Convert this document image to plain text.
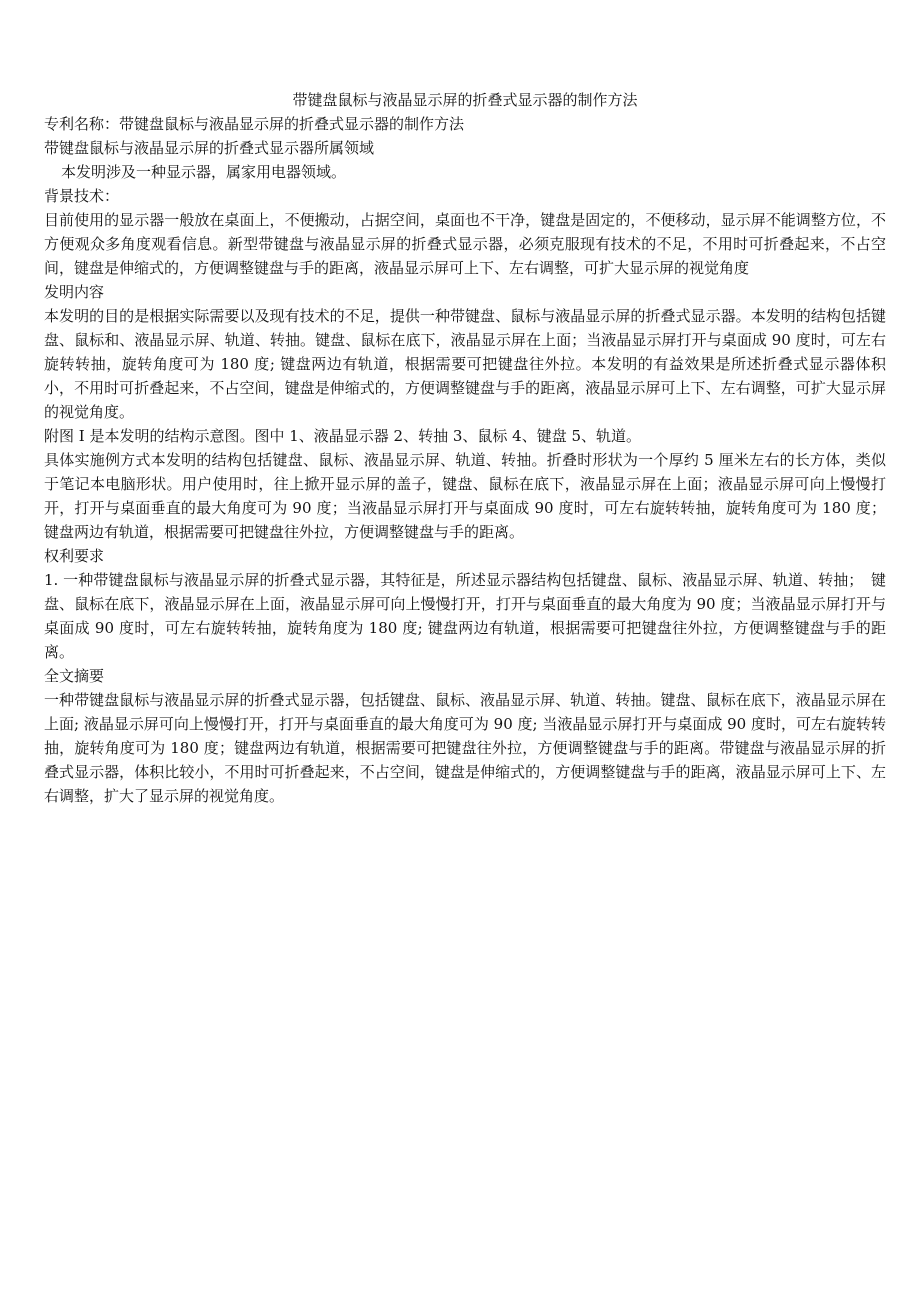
带键盘鼠标与液晶显示屏的折叠式显示器的制作方法

专利名称：带键盘鼠标与液晶显示屏的折叠式显示器的制作方法

带键盘鼠标与液晶显示屏的折叠式显示器所属领域

本发明涉及一种显示器，属家用电器领域。

背景技术：

目前使用的显示器一般放在桌面上，不便搬动，占据空间，桌面也不干净，键盘是固定的，不便移动，显示屏不能调整方位，不方便观众多角度观看信息。新型带键盘与液晶显示屏的折叠式显示器，必须克服现有技术的不足，不用时可折叠起来，不占空间，键盘是伸缩式的，方便调整键盘与手的距离，液晶显示屏可上下、左右调整，可扩大显示屏的视觉角度

发明内容

本发明的目的是根据实际需要以及现有技术的不足，提供一种带键盘、鼠标与液晶显示屏的折叠式显示器。本发明的结构包括键盘、鼠标和、液晶显示屏、轨道、转抽。键盘、鼠标在底下，液晶显示屏在上面；当液晶显示屏打开与桌面成 90 度时，可左右旋转转抽，旋转角度可为 180 度; 键盘两边有轨道，根据需要可把键盘往外拉。本发明的有益效果是所述折叠式显示器体积小，不用时可折叠起来，不占空间，键盘是伸缩式的，方便调整键盘与手的距离，液晶显示屏可上下、左右调整，可扩大显示屏的视觉角度。

附图 I 是本发明的结构示意图。图中 1、液晶显示器 2、转抽 3、鼠标 4、键盘 5、轨道。

具体实施例方式本发明的结构包括键盘、鼠标、液晶显示屏、轨道、转抽。折叠时形状为一个厚约 5 厘米左右的长方体，类似于笔记本电脑形状。用户使用时，往上掀开显示屏的盖子，键盘、鼠标在底下，液晶显示屏在上面；液晶显示屏可向上慢慢打开，打开与桌面垂直的最大角度可为 90 度；当液晶显示屏打开与桌面成 90 度时，可左右旋转转抽，旋转角度可为 180 度；键盘两边有轨道，根据需要可把键盘往外拉，方便调整键盘与手的距离。

权利要求

1. 一种带键盘鼠标与液晶显示屏的折叠式显示器，其特征是，所述显示器结构包括键盘、鼠标、液晶显示屏、轨道、转抽；　键 盘、鼠标在底下，液晶显示屏在上面，液晶显示屏可向上慢慢打开，打开与桌面垂直的最大角度为 90 度；当液晶显示屏打开与桌面成 90 度时，可左右旋转转抽，旋转角度为 180 度; 键盘两边有轨道，根据需要可把键盘往外拉，方便调整键盘与手的距离。

全文摘要

一种带键盘鼠标与液晶显示屏的折叠式显示器，包括键盘、鼠标、液晶显示屏、轨道、转抽。键盘、鼠标在底下，液晶显示屏在上面; 液晶显示屏可向上慢慢打开，打开与桌面垂直的最大角度可为 90 度; 当液晶显示屏打开与桌面成 90 度时，可左右旋转转抽，旋转角度可为 180 度；键盘两边有轨道，根据需要可把键盘往外拉，方便调整键盘与手的距离。带键盘与液晶显示屏的折叠式显示器，体积比较小，不用时可折叠起来，不占空间，键盘是伸缩式的，方便调整键盘与手的距离，液晶显示屏可上下、左右调整，扩大了显示屏的视觉角度。
